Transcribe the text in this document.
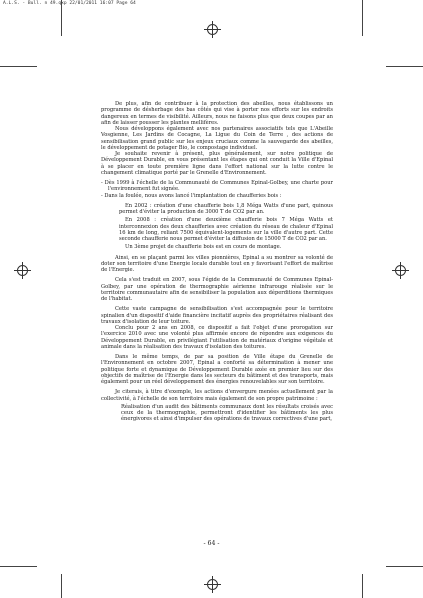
A.L.S. - Bull. n 49.qxp 22/01/2011 16:07 Page 64

De plus, afin de contribuer à la protection des abeilles, nous établissons un programme de désherbage des bas côtés qui vise à porter nos efforts sur les endroits dangereux en termes de visibilité. Ailleurs, nous ne faisons plus que deux coupes par an afin de laisser pousser les plantes mellifères.

Nous développons également avec nos partenaires associatifs tels que L'Abeille Vosgienne, Les Jardins de Cocagne, La Ligue du Coin de Terre , des actions de sensibilisation grand public sur les enjeux cruciaux comme la sauvegarde des abeilles, le développement de potager Bio, le compostage individuel.

Je souhaite revenir à présent, plus généralement, sur notre politique de Développement Durable, en vous présentant les étapes qui ont conduit la Ville d'Epinal à se placer en toute première ligne dans l'effort national sur la lutte contre le changement climatique porté par le Grenelle d'Environnement.

- Dès 1999 à l'échelle de la Communauté de Communes Epinal-Golbey, une charte pour l'environnement fut signée.

- Dans la foulée, nous avons lancé l'implantation de chaufferies bois :

En 2002 : création d'une chaufferie bois 1,8 Méga Watts d'une part, quinous permet d'éviter la production de 3000 T de CO2 par an.

En 2008 : création d'une deuxième chaufferie bois 7 Méga Watts et interconnexion des deux chaufferies avec création du réseau de chaleur d'Epinal 16 km de long, reliant 7500 équivalent-logements sur la ville d'autre part. Cette seconde chaufferie nous permet d'éviter la diffusion de 15000 T de CO2 par an.

Un 3ème projet de chaufferie bois est en cours de montage.

Ainsi, en se plaçant parmi les villes pionnières, Epinal a su montrer sa volonté de doter son territoire d'une Energie locale durable tout en y favorisant l'effort de maîtrise de l'Energie.

Cela s'est traduit en 2007, sous l'égide de la Communauté de Communes Epinal-Golbey, par une opération de thermographie aérienne infrarouge réalisée sur le territoire communautaire afin de sensibiliser la population aux déperditions thermiques de l'habitat.

Cette vaste campagne de sensibilisation s'est accompagnée pour le territoire spinalien d'un dispositif d'aide financière incitatif auprès des propriétaires réalisant des travaux d'isolation de leur toiture.

Conclu pour 2 ans en 2008, ce dispositif a fait l'objet d'une prorogation sur l'exercice 2010 avec une volonté plus affirmée encore de répondre aux exigences du Développement Durable, en privilégiant l'utilisation de matériaux d'origine végétale et animale dans la réalisation des travaux d'isolation des toitures.

Dans le même temps, de par sa position de Ville étape du Grenelle de l'Environnement en octobre 2007, Epinal a conforté sa détermination à mener une politique forte et dynamique de Développement Durable axée en premier lieu sur des objectifs de maîtrise de l'Energie dans les secteurs du bâtiment et des transports, mais également pour un réel développement des énergies renouvelables sur son territoire.

Je citerais, à titre d'exemple, les actions d'envergure menées actuellement par la collectivité, à l'échelle de son territoire mais également de son propre patrimoine :

Réalisation d'un audit des bâtiments communaux dont les résultats croisés avec ceux de la thermographie, permettront d'identifier les bâtiments les plus énergivores et ainsi d'impulser des opérations de travaux correctives d'une part,

- 64 -
